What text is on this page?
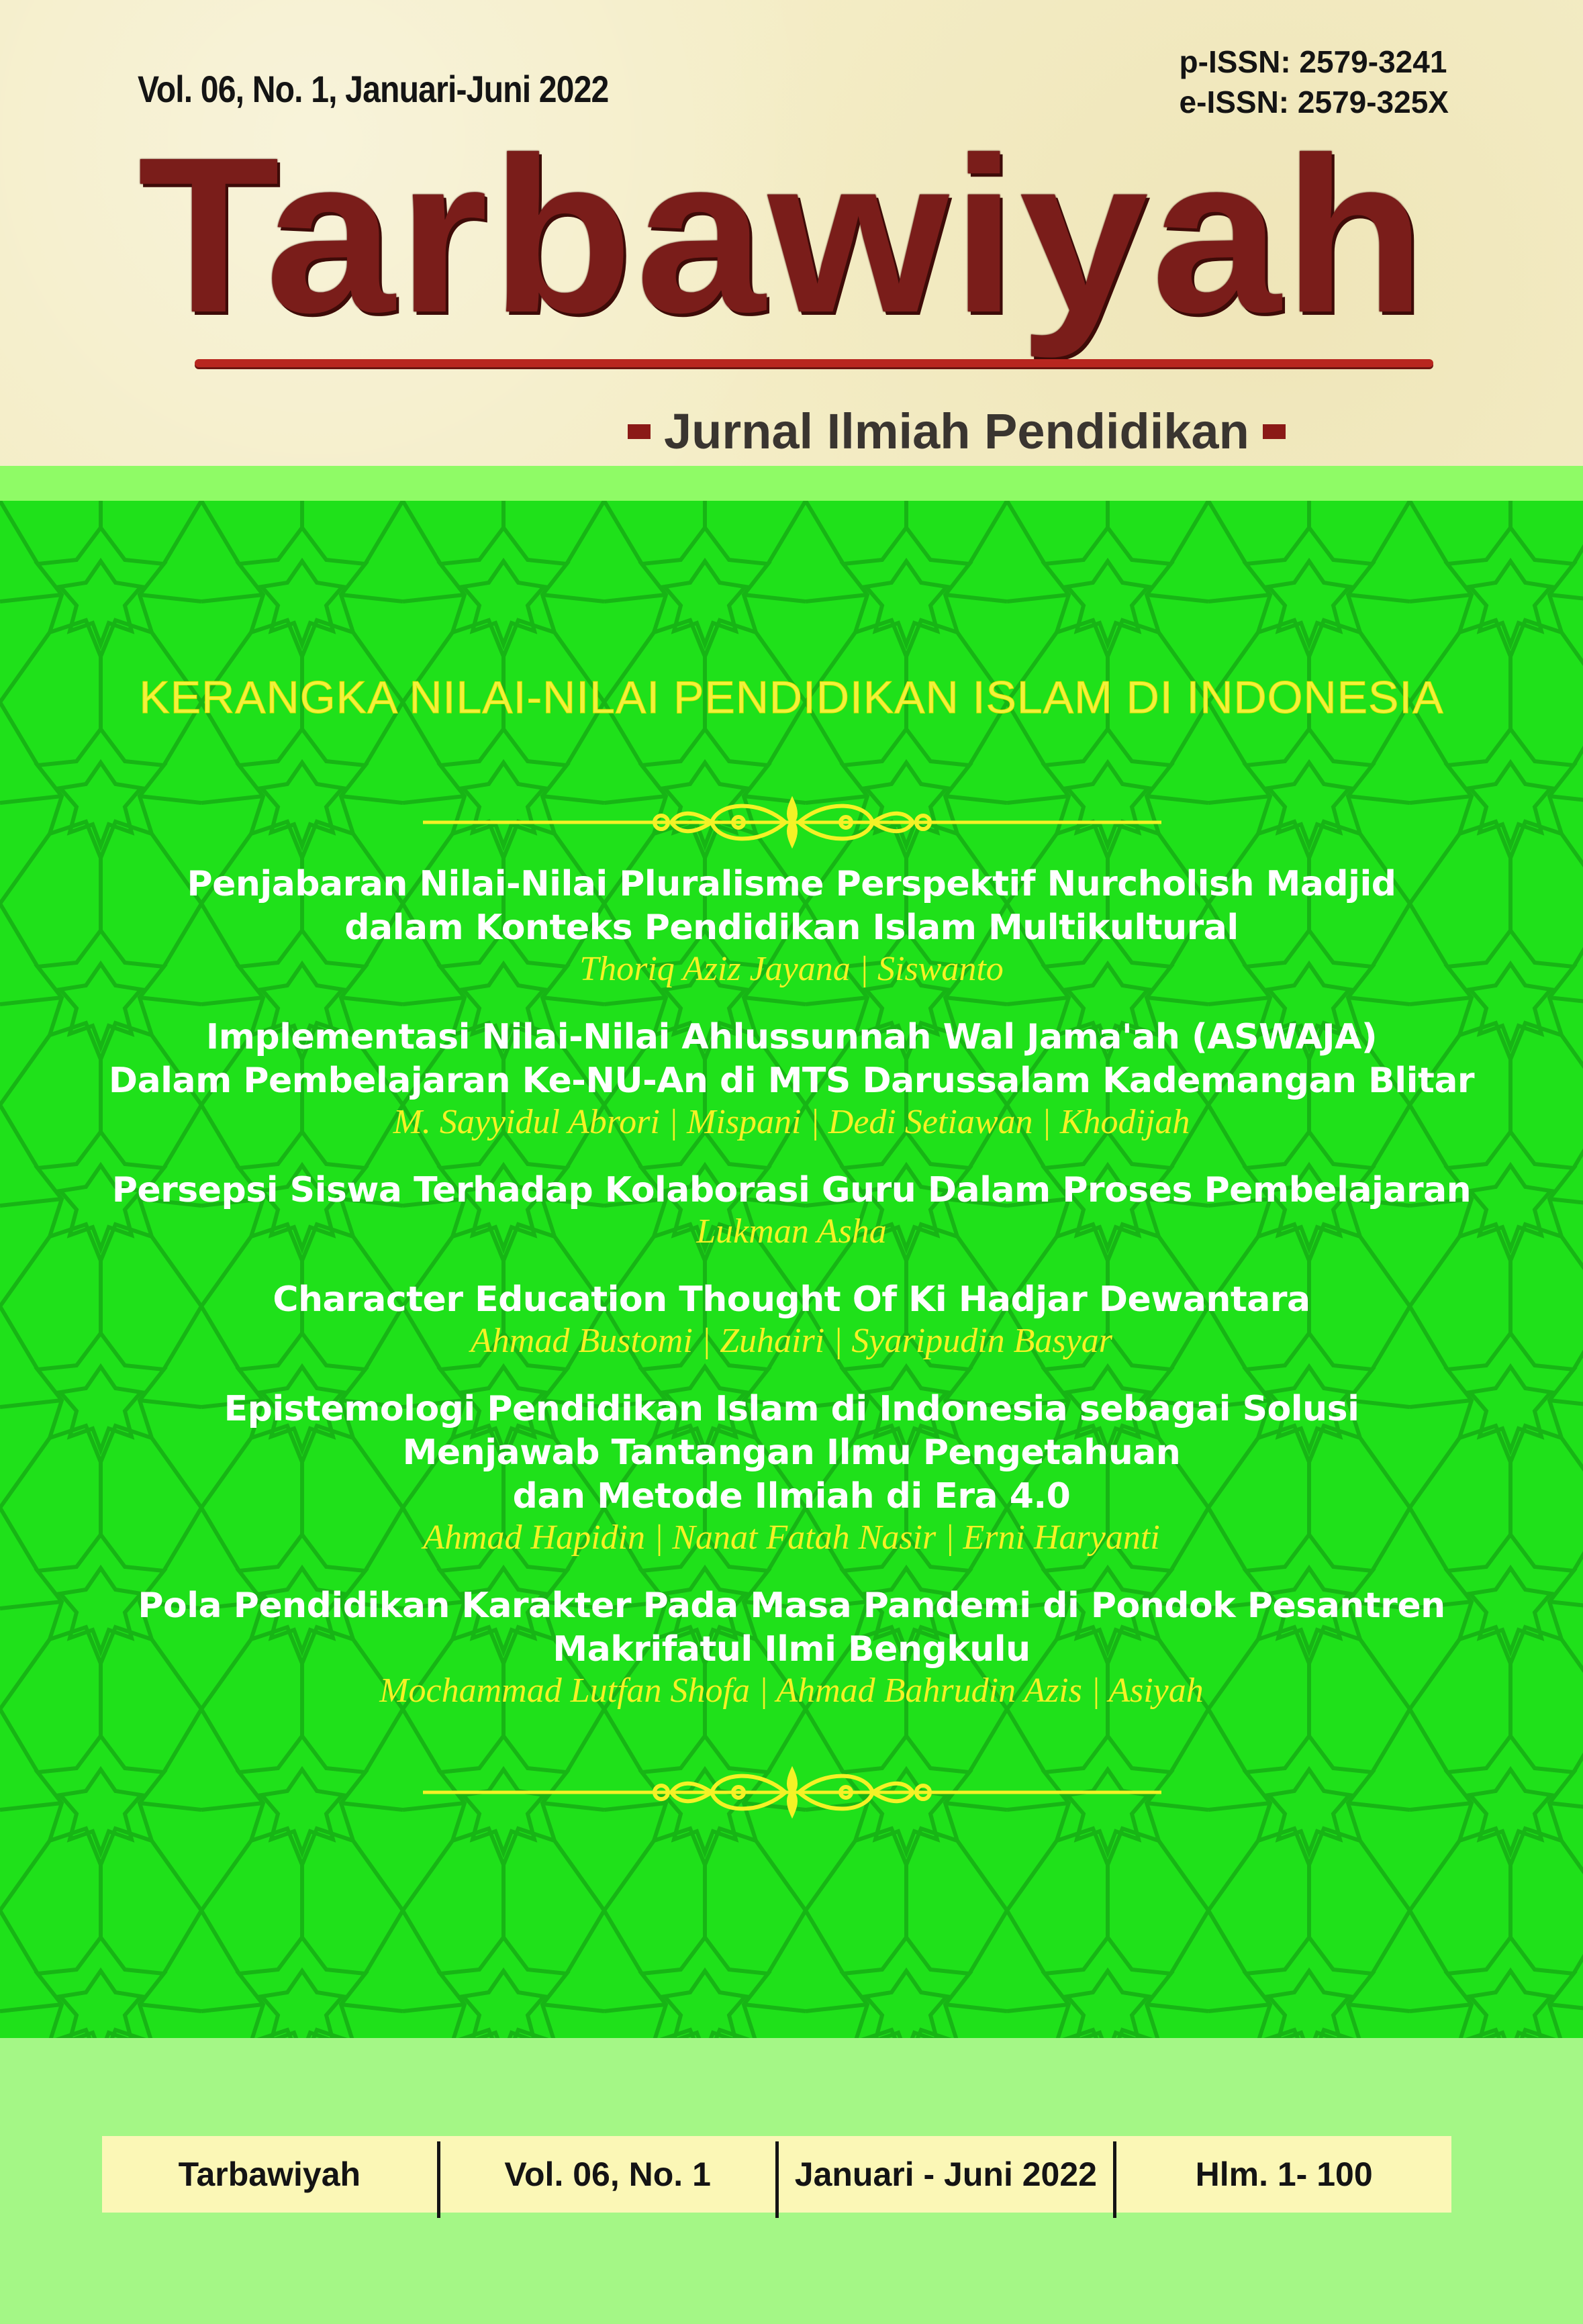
Vol. 06, No. 1, Januari-Juni 2022
p-ISSN: 2579-3241
e-ISSN: 2579-325X
Tarbawiyah
Jurnal Ilmiah Pendidikan
KERANGKA NILAI-NILAI PENDIDIKAN ISLAM DI INDONESIA
Penjabaran Nilai-Nilai Pluralisme Perspektif Nurcholish Madjid
dalam Konteks Pendidikan Islam Multikultural
Thoriq Aziz Jayana | Siswanto
Implementasi Nilai-Nilai Ahlussunnah Wal Jama'ah (ASWAJA)
Dalam Pembelajaran Ke-NU-An di MTS Darussalam Kademangan Blitar
M. Sayyidul Abrori | Mispani | Dedi Setiawan | Khodijah
Persepsi Siswa Terhadap Kolaborasi Guru Dalam Proses Pembelajaran
Lukman Asha
Character Education Thought Of Ki Hadjar Dewantara
Ahmad Bustomi | Zuhairi | Syaripudin Basyar
Epistemologi Pendidikan Islam di Indonesia sebagai Solusi
Menjawab Tantangan Ilmu Pengetahuan
dan Metode Ilmiah di Era 4.0
Ahmad Hapidin | Nanat Fatah Nasir | Erni Haryanti
Pola Pendidikan Karakter Pada Masa Pandemi di Pondok Pesantren
Makrifatul Ilmi Bengkulu
Mochammad Lutfan Shofa | Ahmad Bahrudin Azis | Asiyah
Tarbawiyah	Vol. 06, No. 1	Januari - Juni 2022	Hlm. 1- 100
